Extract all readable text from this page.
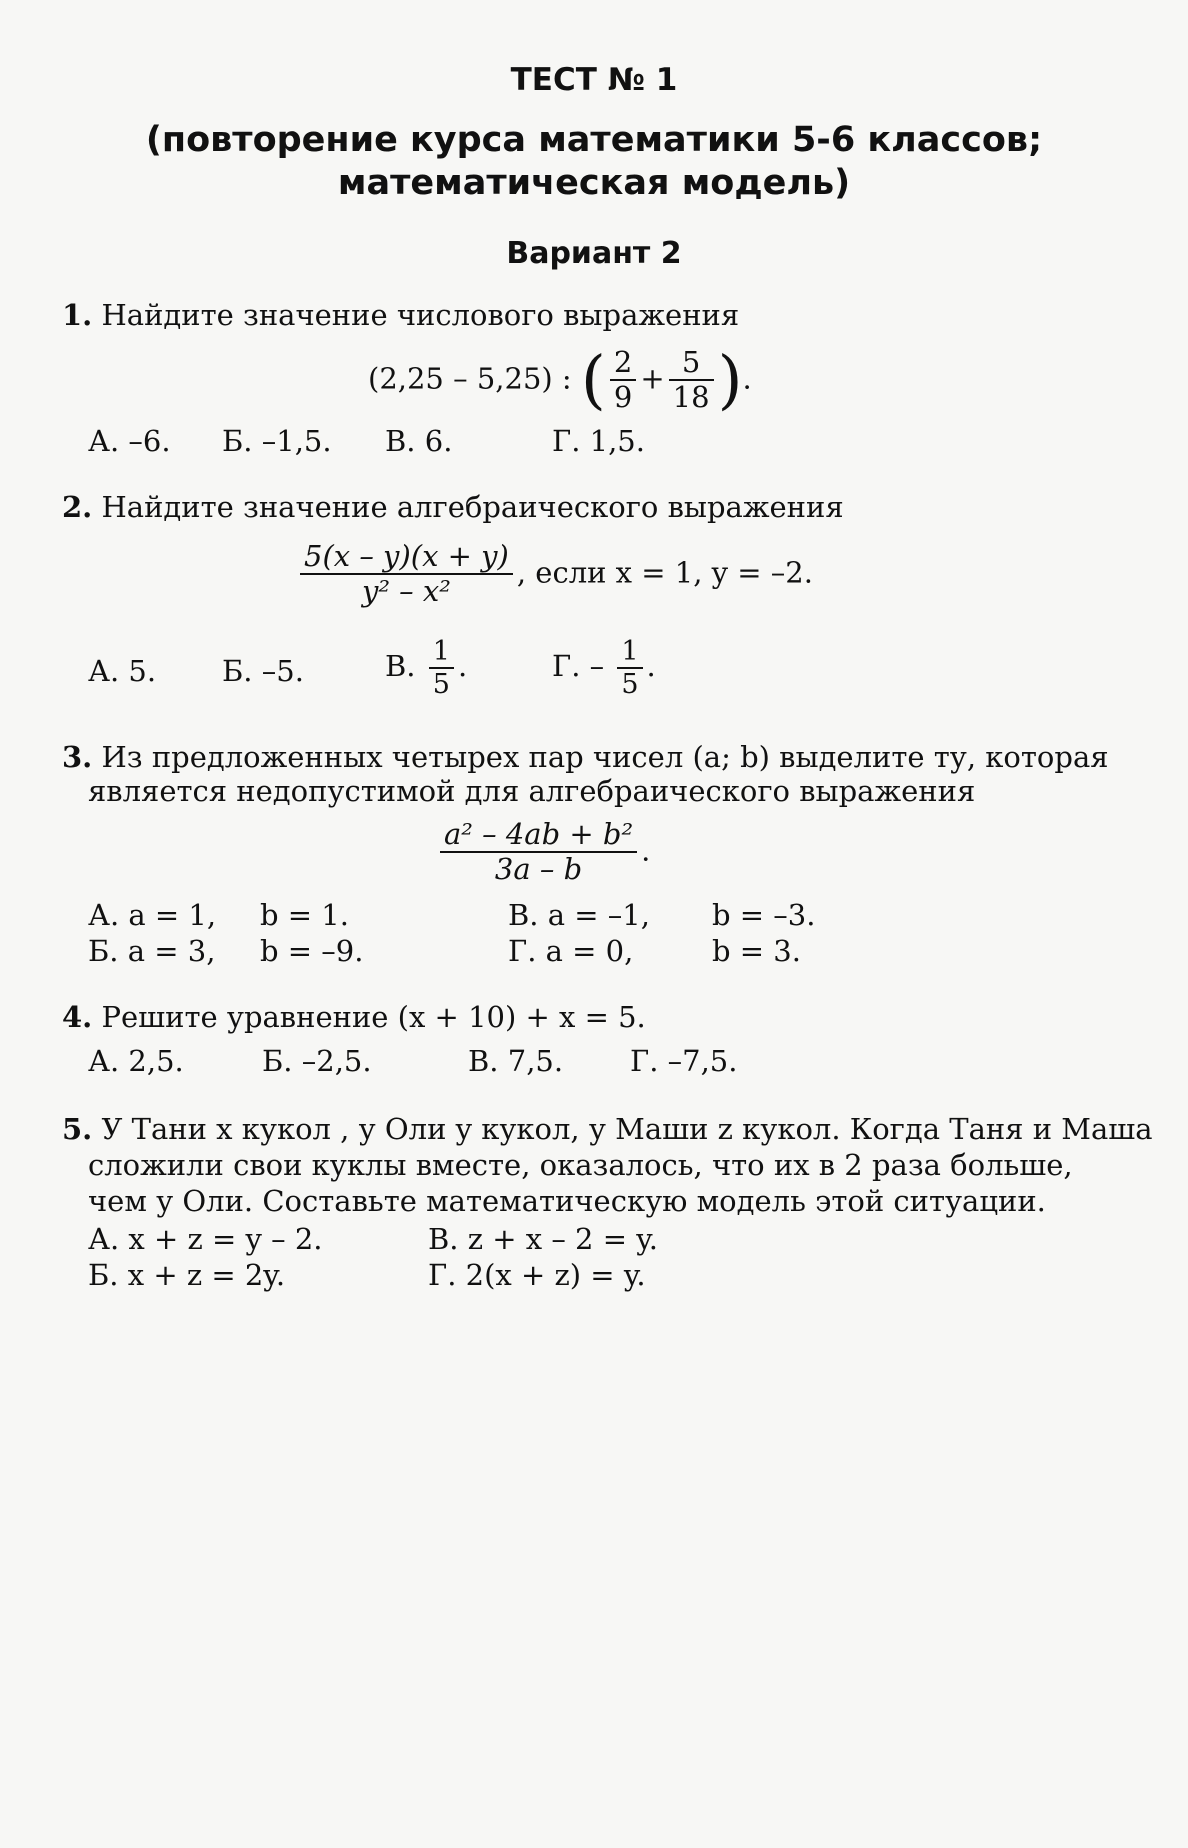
ТЕСТ № 1
(повторение курса математики 5-6 классов;
математическая модель)
Вариант 2
1. Найдите значение числового выражения
(2,25 – 5,25) : ( $\frac{2}{9} + \frac{5}{18}$ ).
А. –6. Б. –1,5. В. 6.	Г. 1,5.
2. Найдите значение алгебраического выражения
$\frac{5(x - y)(x + y)}{\text{y² – x²}}$ , если x = 1, y = –2.
А. 5. Б. –5.	В. $\frac{1}{5}$ .	Г. – $\frac{1}{5}$ .
3. Из предложенных четырех пар чисел (a; b) выделите ту, которая
является недопустимой для алгебраического выражения
$\frac{\text{a² – 4ab + b²}}{3a - b}$ .
А. a = 1, b = 1.	В. a = –1, b = –3.
Б. a = 3, b = –9.	Г. a = 0,	b = 3.
4. Решите уравнение (x + 10) + x = 5.
А. 2,5.	Б. –2,5.	В. 7,5. Г. –7,5.
5. У Тани x кукол , у Оли y кукол, у Маши z кукол. Когда Таня и Маша
сложили свои куклы вместе, оказалось, что их в 2 раза больше,
чем у Оли. Составьте математическую модель этой ситуации.
А. x + z = y – 2.	В. z + x – 2 = y.
Б. x + z = 2y.	Г. 2(x + z) = y.
